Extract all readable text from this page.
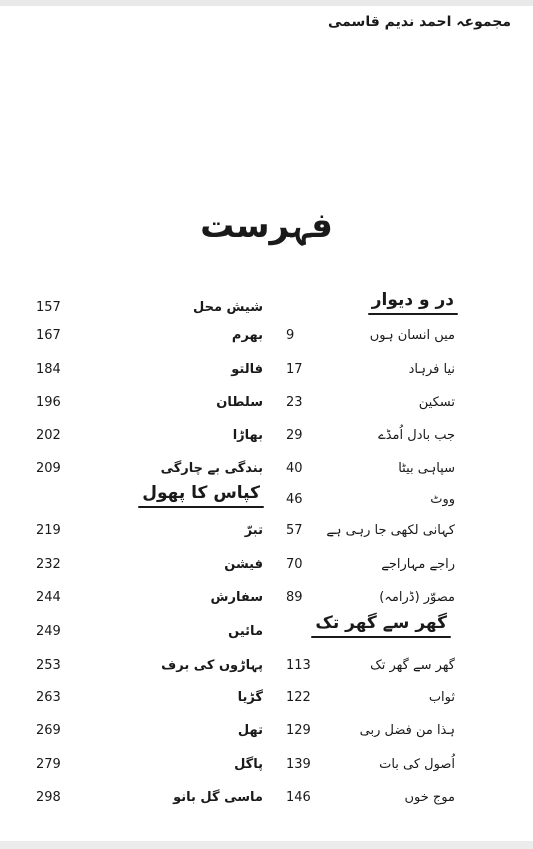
مجموعہ احمد ندیم قاسمی
فہرست
در و دیوار
کپاس کا پھول
گھر سے گھر تک
157	شیش محل
167	بھرم 9	میں انسان ہوں
184	فالتو 17	نیا فرہاد
196	سلطان 23	تسکین
202	بھاڑا 29	جب بادل اُمڈے
209	بندگی بے چارگی 40	سپاہی بیٹا
46	ووٹ
219	تبرّ 57 کہانی لکھی جا رہی ہے
232	فیشن 70	راجے مہاراجے
244	سفارش 89	مصوّر (ڈرامہ)
249	مائیں
253	پہاڑوں کی برف 113	گھر سے گھر تک
263	گڑیا 122	ثواب
269	تھل 129	ہذا من فضل ربی
279	پاگل 139	اُصول کی بات
298	ماسی گل بانو 146	موج خوں
